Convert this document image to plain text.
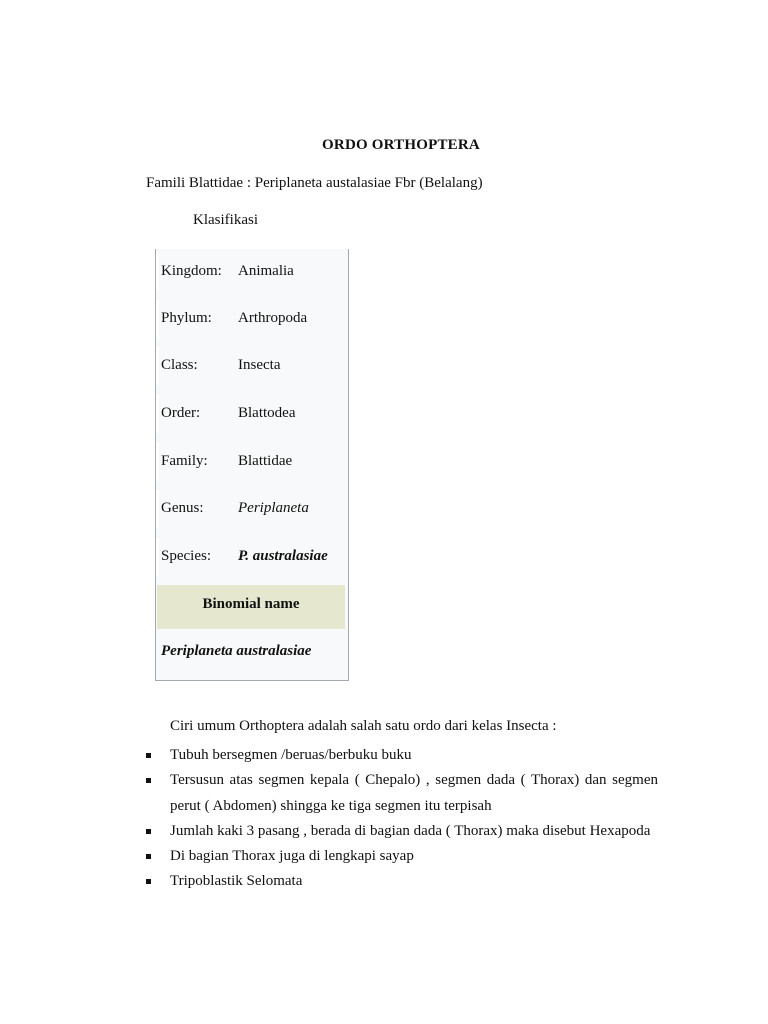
ORDO ORTHOPTERA
Famili Blattidae : Periplaneta austalasiae Fbr (Belalang)
Klasifikasi
Kingdom: Animalia
Phylum: Arthropoda
Class:	Insecta
Order:	Blattodea
Family: Blattidae
Genus: Periplaneta
Species: P. australasiae
Binomial name
Periplaneta australasiae
Ciri umum Orthoptera adalah salah satu ordo dari kelas Insecta :
Tubuh bersegmen /beruas/berbuku buku
Tersusun atas segmen kepala ( Chepalo) , segmen dada ( Thorax) dan segmen perut ( Abdomen) shingga ke tiga segmen itu terpisah
Jumlah kaki 3 pasang , berada di bagian dada ( Thorax) maka disebut Hexapoda
Di bagian Thorax juga di lengkapi sayap
Tripoblastik Selomata
